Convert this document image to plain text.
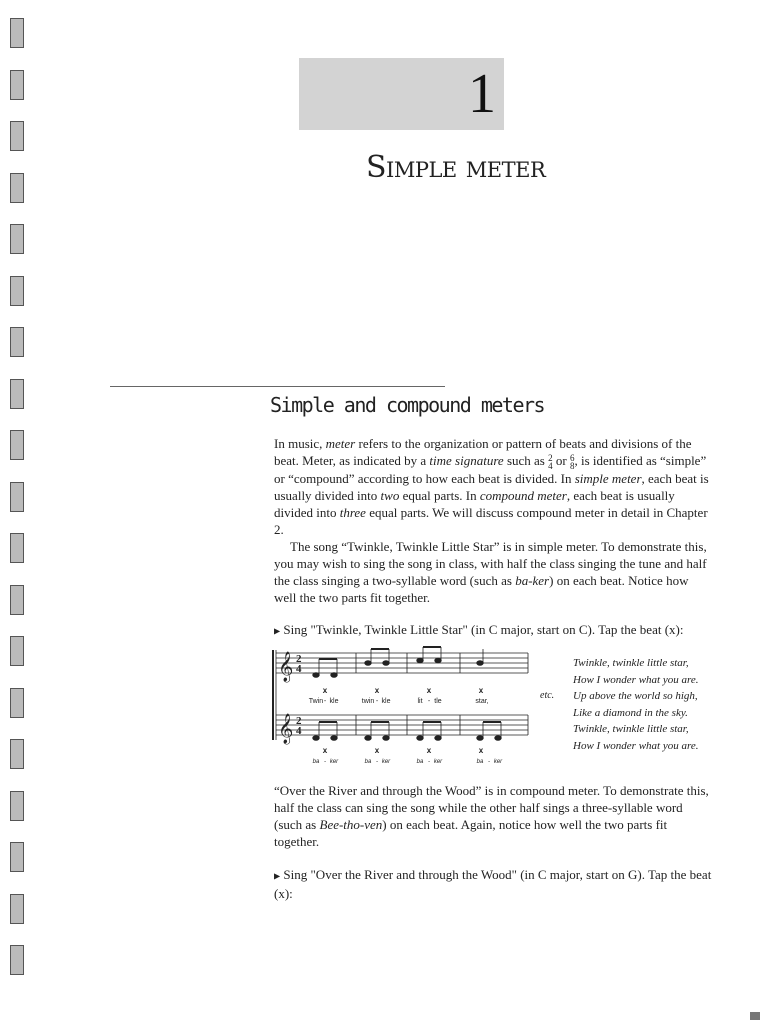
1
Simple meter
Simple and compound meters
In music, meter refers to the organization or pattern of beats and divisions of the beat. Meter, as indicated by a time signature such as 2
4 or 6
8 , is identified as “simple” or “compound” according to how each beat is divided. In simple meter, each beat is usually divided into two equal parts. In compound meter, each beat is usually divided into three equal parts. We will discuss compound meter in detail in Chapter 2.
The song “Twinkle, Twinkle Little Star” is in simple meter. To demonstrate this, you may wish to sing the song in class, with half the class singing the tune and half the class singing a two-syllable word (such as ba-ker) on each beat. Notice how well the two parts fit together.
▶ Sing "Twinkle, Twinkle Little Star" (in C major, start on C). Tap the beat (x):
𝄞
𝄞
2
4
2
4
x	x	x	x
x	x	x	x
Twin - kle	twin - kle	lit - tle	star,
ba - ker	ba - ker	ba - ker	ba - ker
etc.
Twinkle, twinkle little star,
How I wonder what you are.
Up above the world so high,
Like a diamond in the sky.
Twinkle, twinkle little star,
How I wonder what you are.
“Over the River and through the Wood” is in compound meter. To demonstrate this, half the class can sing the song while the other half sings a three-syllable word (such as Bee-tho-ven) on each beat. Again, notice how well the two parts fit together.
▶ Sing "Over the River and through the Wood" (in C major, start on G). Tap the beat (x):
